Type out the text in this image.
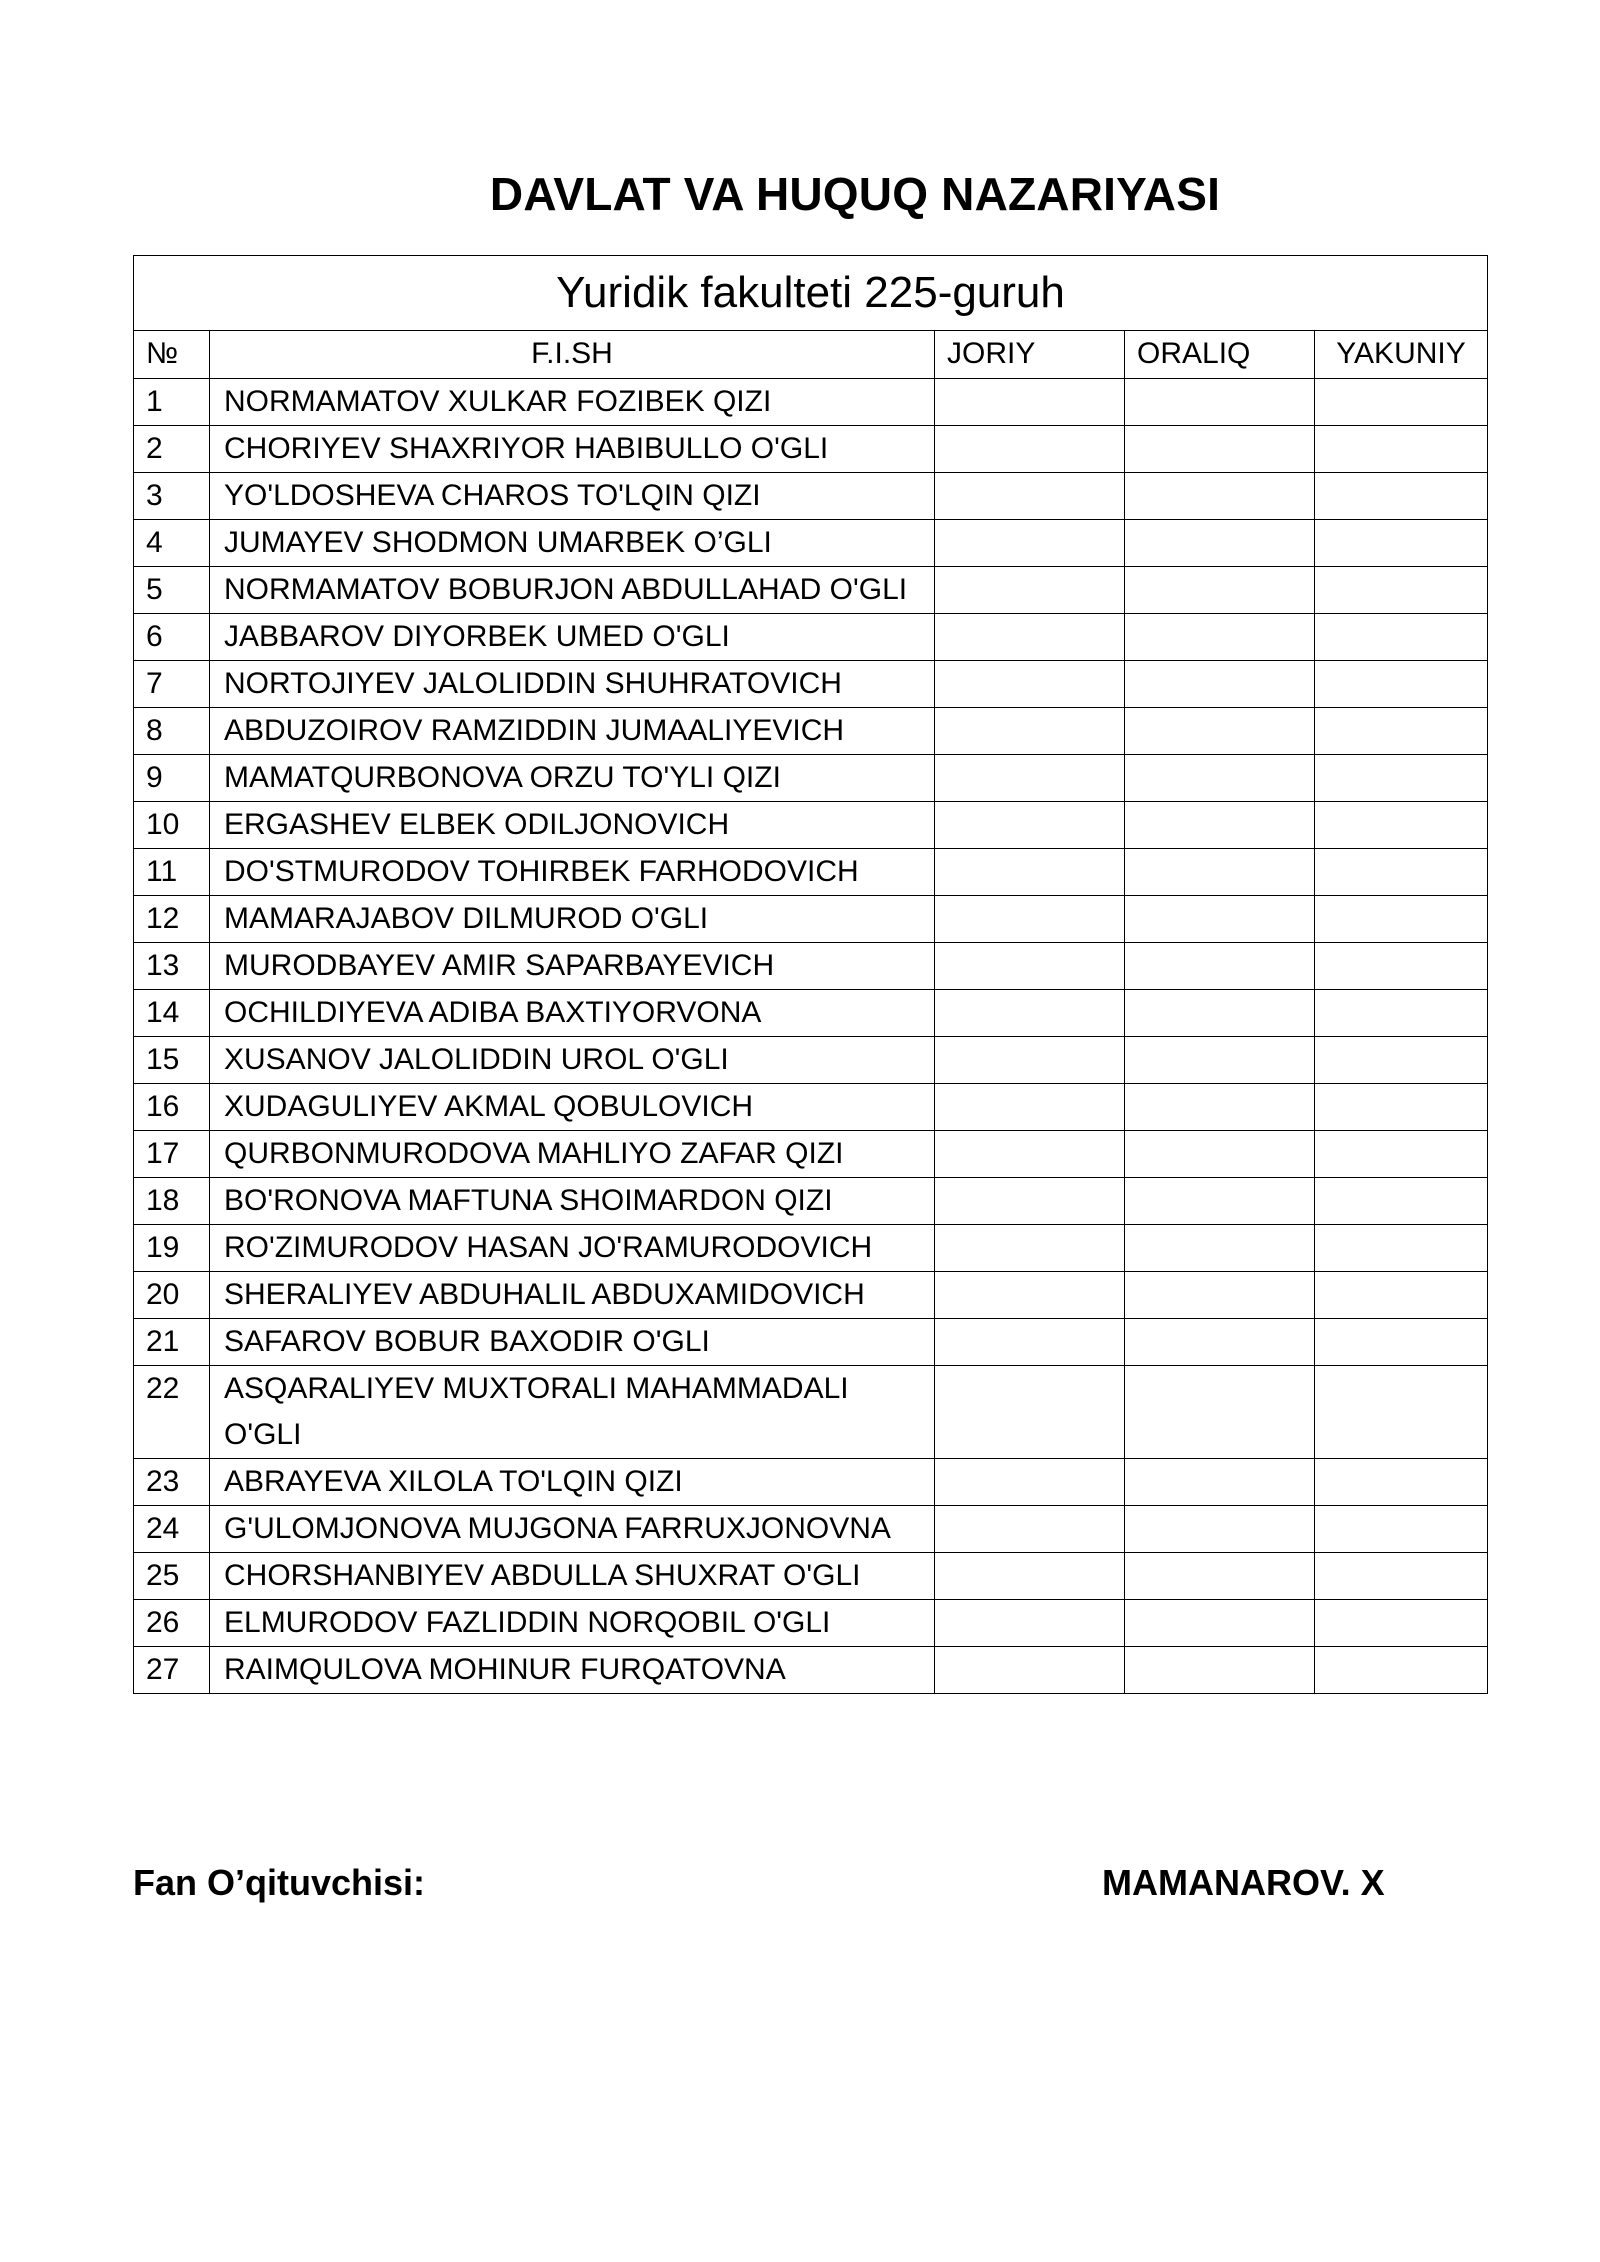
DAVLAT VA HUQUQ NAZARIYASI
Yuridik fakulteti 225-guruh				
№	F.I.SH	JORIY	ORALIQ	YAKUNIY
1	NORMAMATOV XULKAR FOZIBEK QIZI			
2	CHORIYEV SHAXRIYOR HABIBULLO O'GLI			
3	YO'LDOSHEVA CHAROS TO'LQIN QIZI			
4	JUMAYEV SHODMON UMARBEK O’GLI			
5	NORMAMATOV BOBURJON ABDULLAHAD O'GLI			
6	JABBAROV DIYORBEK UMED O'GLI			
7	NORTOJIYEV JALOLIDDIN SHUHRATOVICH			
8	ABDUZOIROV RAMZIDDIN JUMAALIYEVICH			
9	MAMATQURBONOVA ORZU TO'YLI QIZI			
10	ERGASHEV ELBEK ODILJONOVICH			
11	DO'STMURODOV TOHIRBEK FARHODOVICH			
12	MAMARAJABOV DILMUROD O'GLI			
13	MURODBAYEV AMIR SAPARBAYEVICH			
14	OCHILDIYEVA ADIBA BAXTIYORVONA			
15	XUSANOV JALOLIDDIN UROL O'GLI			
16	XUDAGULIYEV AKMAL QOBULOVICH			
17	QURBONMURODOVA MAHLIYO ZAFAR QIZI			
18	BO'RONOVA MAFTUNA SHOIMARDON QIZI			
19	RO'ZIMURODOV HASAN JO'RAMURODOVICH			
20	SHERALIYEV ABDUHALIL ABDUXAMIDOVICH			
21	SAFAROV BOBUR BAXODIR O'GLI			
22	ASQARALIYEV MUXTORALI MAHAMMADALI O'GLI			
23	ABRAYEVA XILOLA TO'LQIN QIZI			
24	G'ULOMJONOVA MUJGONA FARRUXJONOVNA			
25	CHORSHANBIYEV ABDULLA SHUXRAT O'GLI			
26	ELMURODOV FAZLIDDIN NORQOBIL O'GLI			
27	RAIMQULOVA MOHINUR FURQATOVNA			
Fan O’qituvchisi:	MAMANAROV. X
